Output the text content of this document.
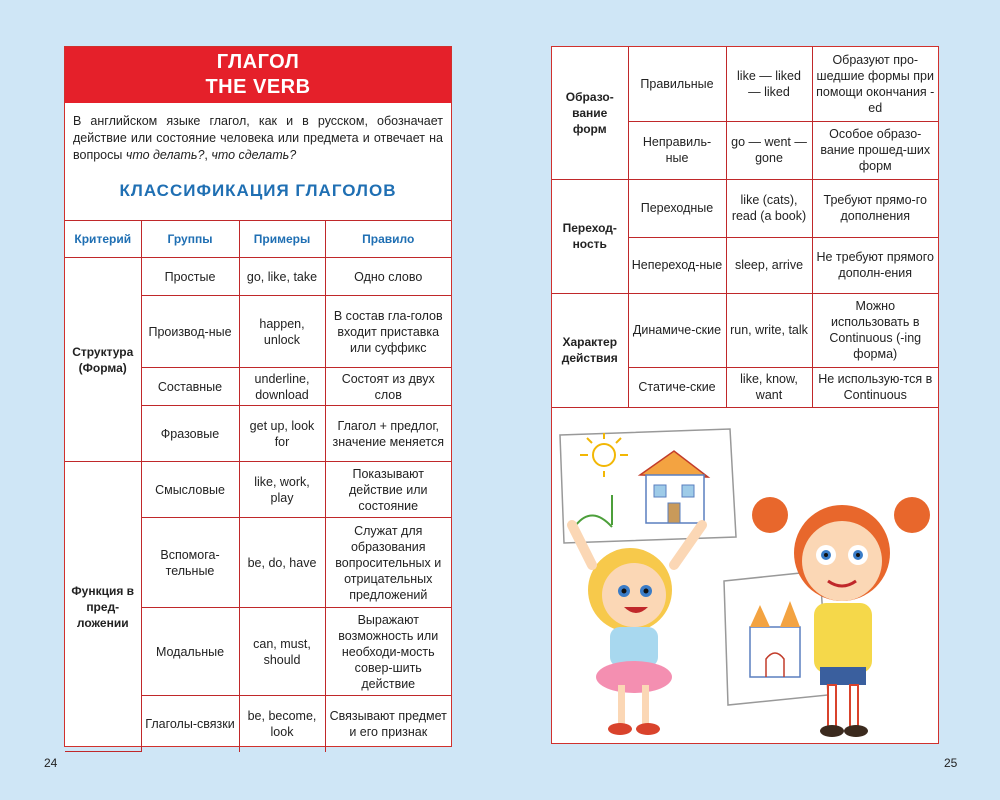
ГЛАГОЛ
THE VERB
В английском языке глагол, как и в русском, обозначает действие или состояние человека или предмета и отвечает на вопросы что делать?, что сделать?
КЛАССИФИКАЦИЯ ГЛАГОЛОВ
Критерий	Группы	Примеры	Правило
Структура (Форма)	Простые	go, like, take	Одно слово
	Производ-ные	happen, unlock	В состав гла-голов входит приставка или суффикс
	Составные	underline, download	Состоят из двух слов
	Фразовые	get up, look for	Глагол + предлог, значение меняется
Функция в пред-ложении	Смысловые	like, work, play	Показывают действие или состояние
	Вспомога-тельные	be, do, have	Служат для образования вопросительных и отрицательных предложений
	Модальные	can, must, should	Выражают возможность или необходи-мость совер-шить действие
	Глаголы-связки	be, become, look	Связывают предмет и его признак
Образо-вание форм	Правильные	like — liked — liked	Образуют про-шедшие формы при помощи окончания -ed
	Неправиль-ные	go — went — gone	Особое образо-вание прошед-ших форм
Переход-ность	Переходные	like (cats), read (a book)	Требуют прямо-го дополнения
	Непереход-ные	sleep, arrive	Не требуют прямого дополн-ения
Характер действия	Динамиче-ские	run, write, talk	Можно использовать в Continuous (-ing форма)
	Статиче-ские	like, know, want	Не использую-тся в Continuous
24	25
